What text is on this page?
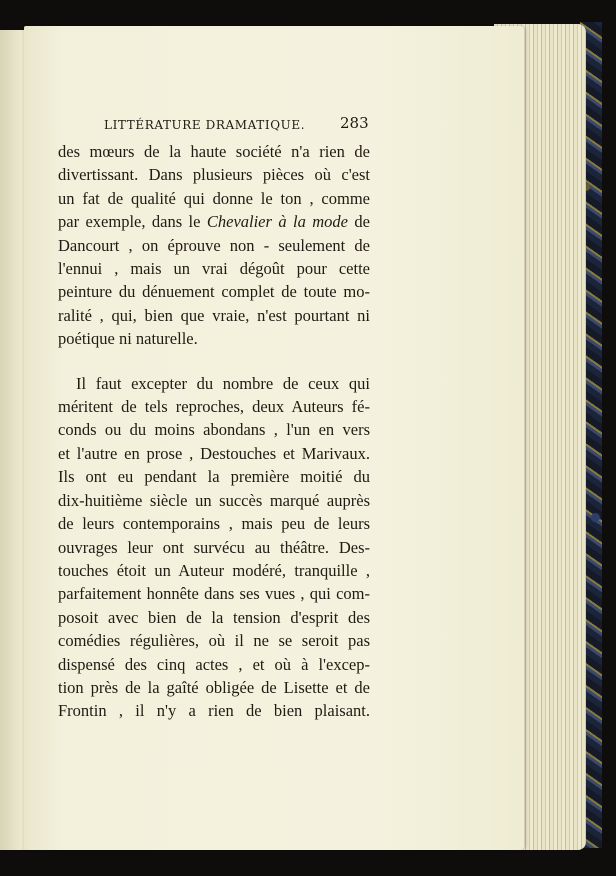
LITTÉRATURE DRAMATIQUE.	283

des mœurs de la haute société n'a rien de
divertissant. Dans plusieurs pièces où c'est
un fat de qualité qui donne le ton , comme
par exemple, dans le Chevalier à la mode de
Dancourt , on éprouve non - seulement de
l'ennui , mais un vrai dégoût pour cette
peinture du dénuement complet de toute mo-
ralité , qui, bien que vraie, n'est pourtant ni
poétique ni naturelle.

Il faut excepter du nombre de ceux qui
méritent de tels reproches, deux Auteurs fé-
conds ou du moins abondans , l'un en vers
et l'autre en prose , Destouches et Marivaux.
Ils ont eu pendant la première moitié du
dix-huitième siècle un succès marqué auprès
de leurs contemporains , mais peu de leurs
ouvrages leur ont survécu au théâtre. Des-
touches étoit un Auteur modéré, tranquille ,
parfaitement honnête dans ses vues , qui com-
posoit avec bien de la tension d'esprit des
comédies régulières, où il ne se seroit pas
dispensé des cinq actes , et où à l'excep-
tion près de la gaîté obligée de Lisette et de
Frontin , il n'y a rien de bien plaisant.
